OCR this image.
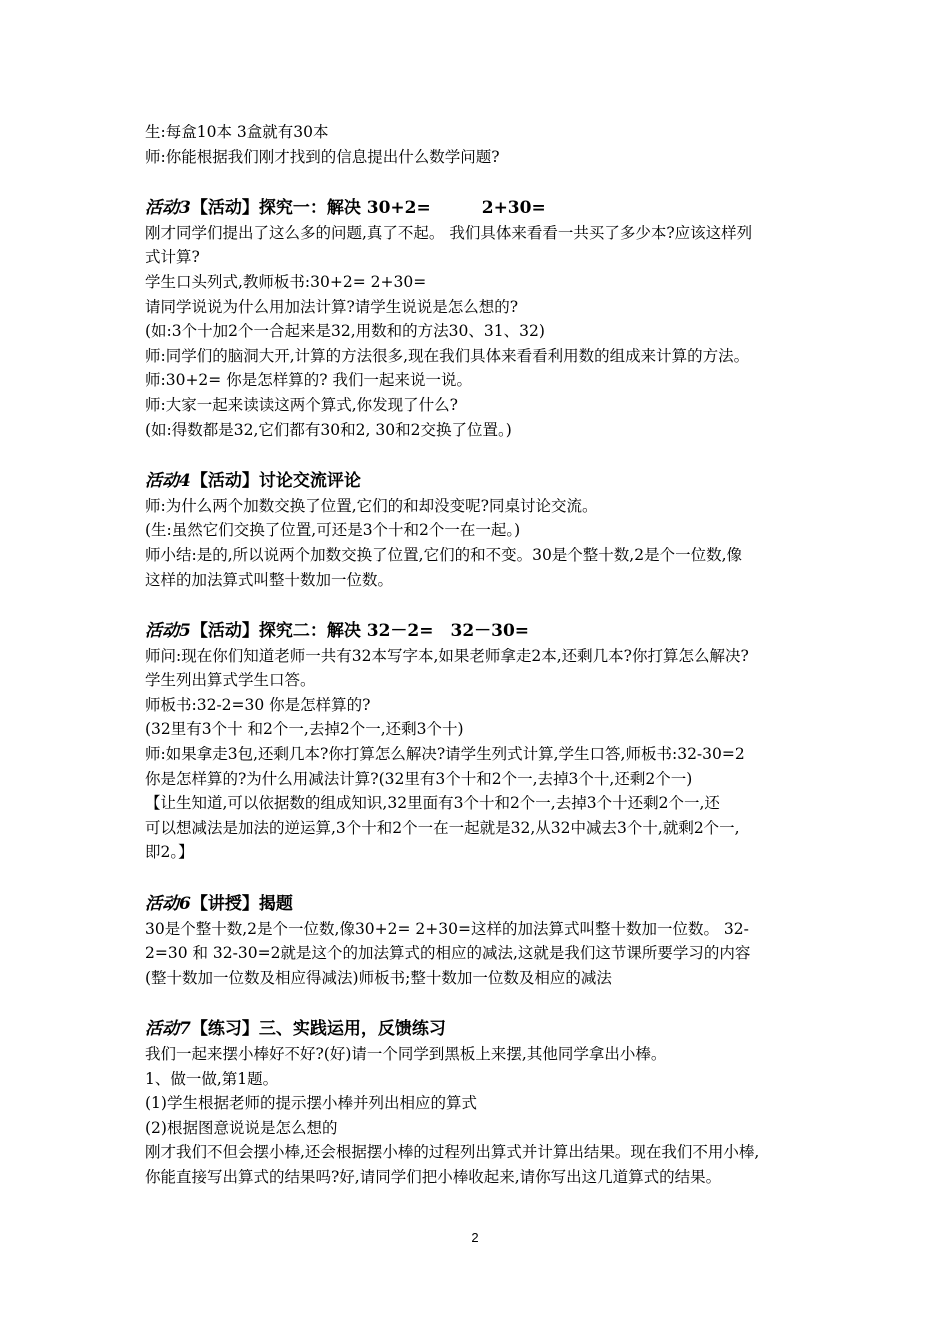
生:每盒10本 3盒就有30本
师:你能根据我们刚才找到的信息提出什么数学问题?
活动3【活动】探究一：解决 30+2=　　　2+30=
刚才同学们提出了这么多的问题,真了不起。 我们具体来看看一共买了多少本?应该这样列
式计算?
学生口头列式,教师板书:30+2= 2+30=
请同学说说为什么用加法计算?请学生说说是怎么想的?
(如:3个十加2个一合起来是32,用数和的方法30、31、32)
师:同学们的脑洞大开,计算的方法很多,现在我们具体来看看利用数的组成来计算的方法。
师:30+2= 你是怎样算的? 我们一起来说一说。
师:大家一起来读读这两个算式,你发现了什么?
(如:得数都是32,它们都有30和2, 30和2交换了位置。)
活动4【活动】讨论交流评论
师:为什么两个加数交换了位置,它们的和却没变呢?同桌讨论交流。
(生:虽然它们交换了位置,可还是3个十和2个一在一起。)
师小结:是的,所以说两个加数交换了位置,它们的和不变。30是个整十数,2是个一位数,像
这样的加法算式叫整十数加一位数。
活动5【活动】探究二：解决 32－2=　32－30=
师问:现在你们知道老师一共有32本写字本,如果老师拿走2本,还剩几本?你打算怎么解决?
学生列出算式学生口答。
师板书:32-2=30 你是怎样算的?
(32里有3个十 和2个一,去掉2个一,还剩3个十)
师:如果拿走3包,还剩几本?你打算怎么解决?请学生列式计算,学生口答,师板书:32-30=2
你是怎样算的?为什么用减法计算?(32里有3个十和2个一,去掉3个十,还剩2个一)
【让生知道,可以依据数的组成知识,32里面有3个十和2个一,去掉3个十还剩2个一,还
可以想减法是加法的逆运算,3个十和2个一在一起就是32,从32中减去3个十,就剩2个一,
即2。】
活动6【讲授】揭题
30是个整十数,2是个一位数,像30+2= 2+30=这样的加法算式叫整十数加一位数。 32-
2=30 和 32-30=2就是这个的加法算式的相应的减法,这就是我们这节课所要学习的内容
(整十数加一位数及相应得减法)师板书;整十数加一位数及相应的减法
活动7【练习】三、实践运用，反馈练习
我们一起来摆小棒好不好?(好)请一个同学到黑板上来摆,其他同学拿出小棒。
1、做一做,第1题。
(1)学生根据老师的提示摆小棒并列出相应的算式
(2)根据图意说说是怎么想的
刚才我们不但会摆小棒,还会根据摆小棒的过程列出算式并计算出结果。现在我们不用小棒,
你能直接写出算式的结果吗?好,请同学们把小棒收起来,请你写出这几道算式的结果。
2
